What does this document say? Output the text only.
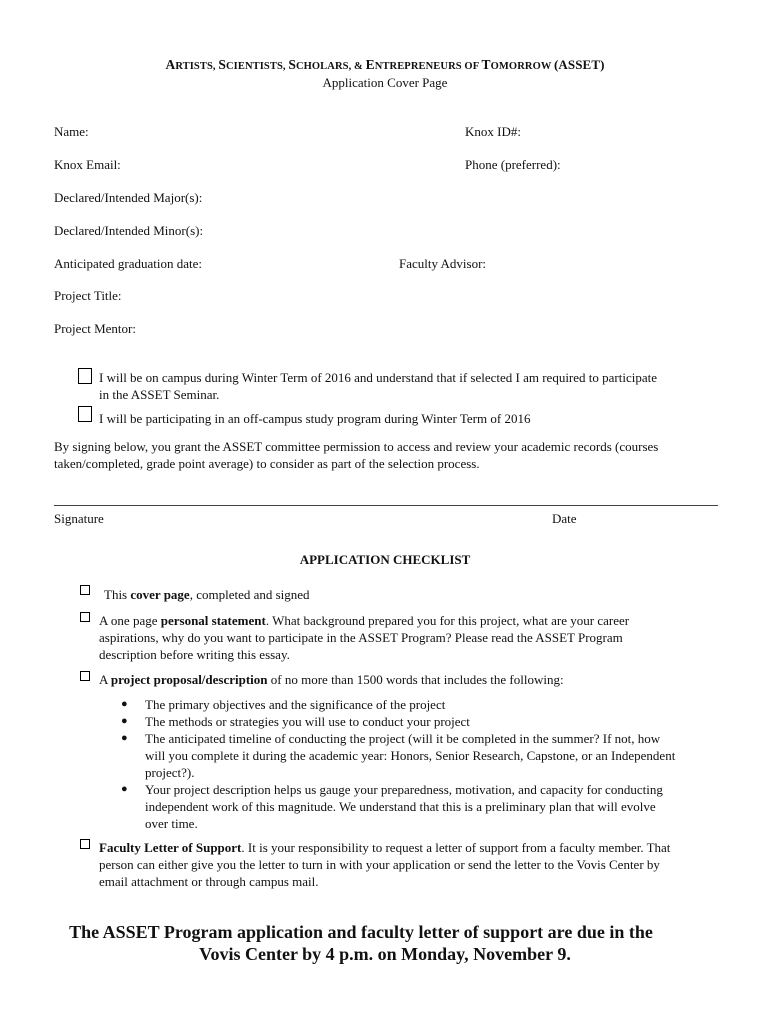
ARTISTS, SCIENTISTS, SCHOLARS, & ENTREPRENEURS OF TOMORROW (ASSET)
Application Cover Page
Name:	Knox ID#:
Knox Email:	Phone (preferred):
Declared/Intended Major(s):
Declared/Intended Minor(s):
Anticipated graduation date:	Faculty Advisor:
Project Title:
Project Mentor:
I will be on campus during Winter Term of 2016 and understand that if selected I am required to participate
in the ASSET Seminar.
I will be participating in an off-campus study program during Winter Term of 2016
By signing below, you grant the ASSET committee permission to access and review your academic records (courses
taken/completed, grade point average) to consider as part of the selection process.
Signature	Date
APPLICATION CHECKLIST
This cover page, completed and signed
A one page personal statement. What background prepared you for this project, what are your career
aspirations, why do you want to participate in the ASSET Program? Please read the ASSET Program
description before writing this essay.
A project proposal/description of no more than 1500 words that includes the following:
● The primary objectives and the significance of the project
● The methods or strategies you will use to conduct your project
● The anticipated timeline of conducting the project (will it be completed in the summer? If not, how
will you complete it during the academic year: Honors, Senior Research, Capstone, or an Independent
project?).
● Your project description helps us gauge your preparedness, motivation, and capacity for conducting
independent work of this magnitude. We understand that this is a preliminary plan that will evolve
over time.
Faculty Letter of Support. It is your responsibility to request a letter of support from a faculty member. That
person can either give you the letter to turn in with your application or send the letter to the Vovis Center by
email attachment or through campus mail.
The ASSET Program application and faculty letter of support are due in the
Vovis Center by 4 p.m. on Monday, November 9.
